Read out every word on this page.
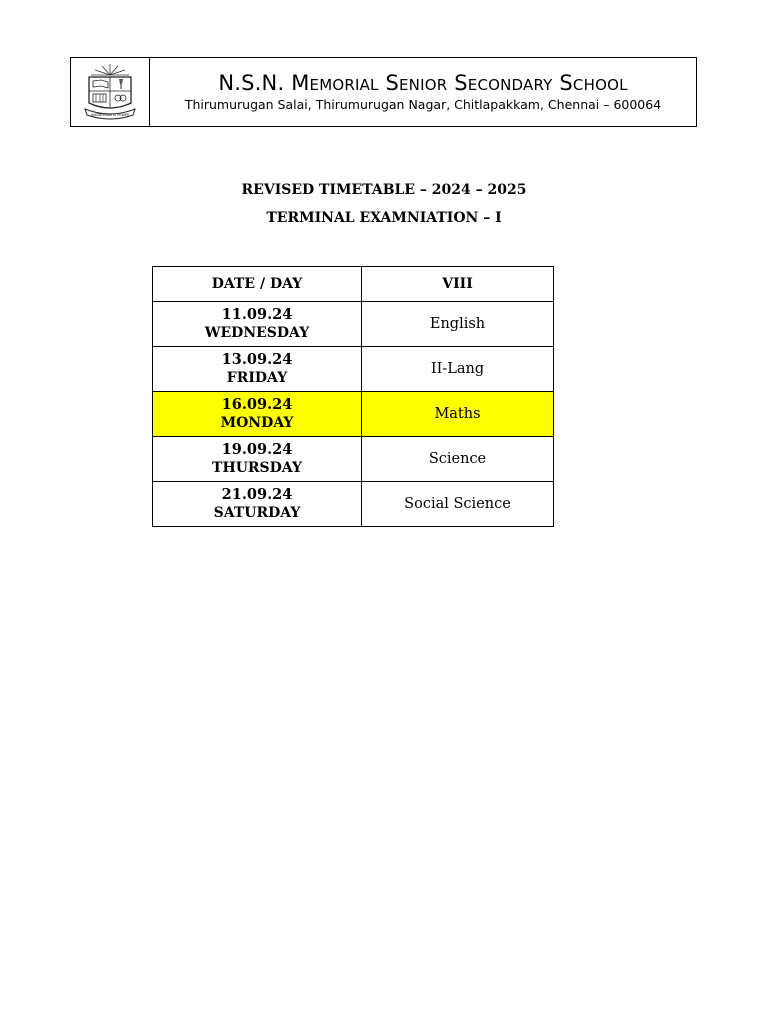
KNOWLEDGE IS POWER
N.S.N. Memorial Senior Secondary School
Thirumurugan Salai, Thirumurugan Nagar, Chitlapakkam, Chennai – 600064
REVISED TIMETABLE – 2024 – 2025
TERMINAL EXAMNIATION – I
DATE / DAY	VIII

11.09.24
WEDNESDAY	English

13.09.24
FRIDAY	II-Lang

16.09.24
MONDAY	Maths

19.09.24
THURSDAY	Science

21.09.24
SATURDAY	Social Science
